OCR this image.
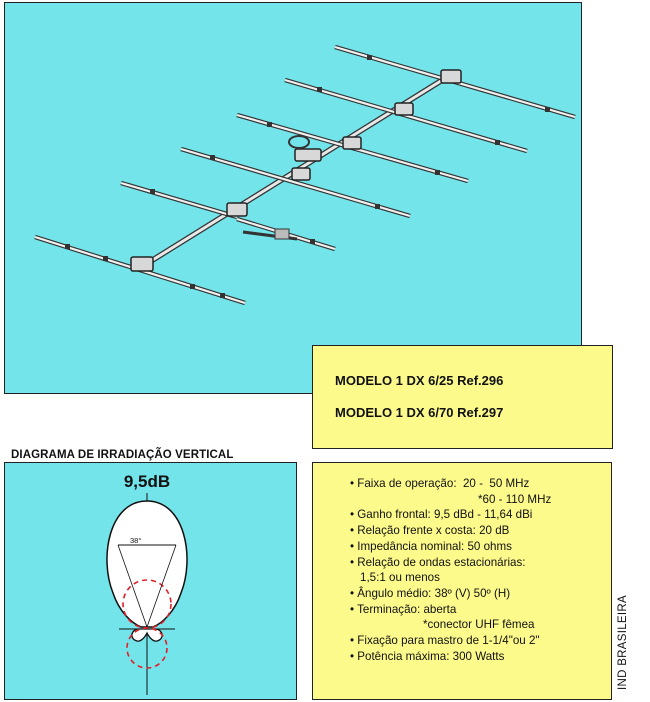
MODELO 1 DX 6/25 Ref.296
MODELO 1 DX 6/70 Ref.297
DIAGRAMA DE IRRADIAÇÃO VERTICAL
38°
9,5dB	• Faixa de operação:  20 -  50 MHz
*60 - 110 MHz
• Ganho frontal: 9,5 dBd - 11,64 dBi
• Relação frente x costa: 20 dB
• Impedância nominal: 50 ohms
• Relação de ondas estacionárias:
1,5:1 ou menos
• Ângulo médio: 38º (V) 50º (H)
• Terminação: aberta
*conector UHF fêmea
• Fixação para mastro de 1-1/4"ou 2"
• Potência máxima: 300 Watts	IND BRASILEIRA
